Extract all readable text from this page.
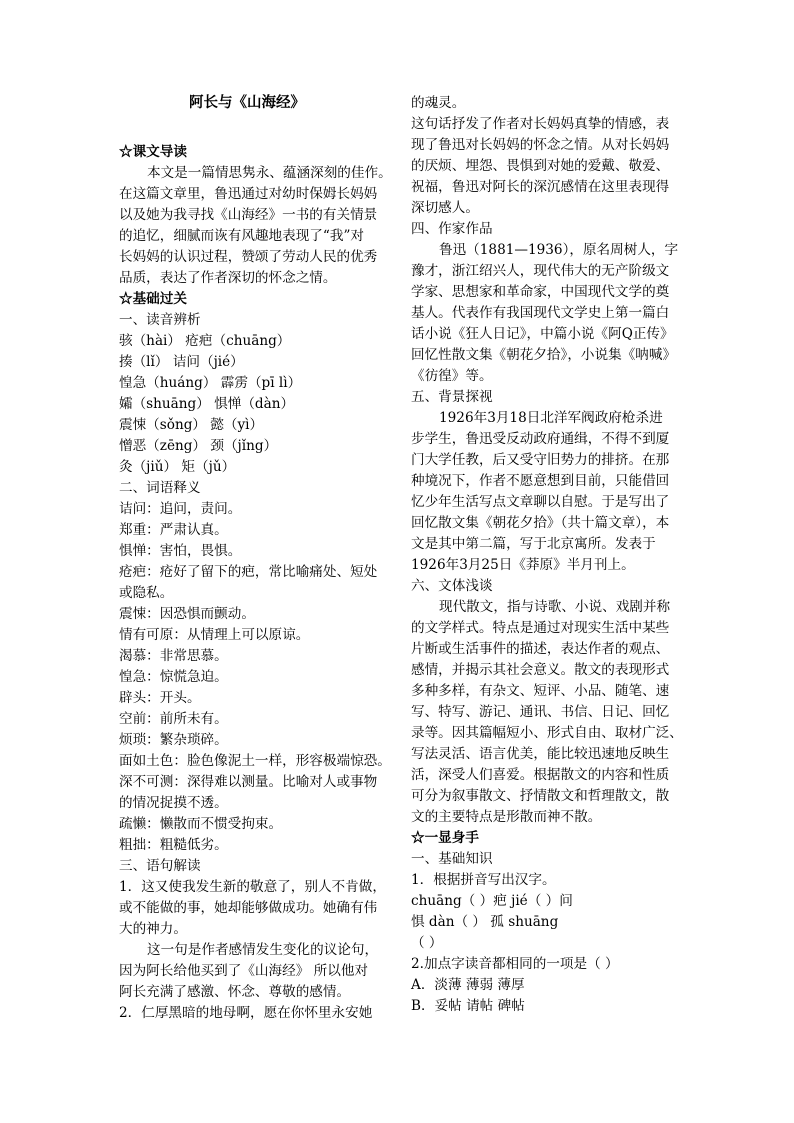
阿长与《山海经》
☆课文导读
本文是一篇情思隽永、蕴涵深刻的佳作。
在这篇文章里，鲁迅通过对幼时保姆长妈妈
以及她为我寻找《山海经》一书的有关情景
的追忆，细腻而诙有风趣地表现了“我”对
长妈妈的认识过程，赞颂了劳动人民的优秀
品质，表达了作者深切的怀念之情。
☆基础过关
一、读音辨析
骇（hài） 疮疤（chuāng）
揍（lǐ） 诘问（jié）
惶急（huáng） 霹雳（pī lì）
孀（shuāng） 惧惮（dàn）
震悚（sǒng） 懿（yì）
憎恶（zēng） 颈（jǐng）
灸（jiǔ） 矩（jǔ）
二、词语释义
诘问：追问，责问。
郑重：严肃认真。
惧惮：害怕，畏惧。
疮疤：疮好了留下的疤，常比喻痛处、短处
或隐私。
震悚：因恐惧而颤动。
情有可原：从情理上可以原谅。
渴慕：非常思慕。
惶急：惊慌急迫。
辟头：开头。
空前：前所未有。
烦琐：繁杂琐碎。
面如土色：脸色像泥土一样，形容极端惊恐。
深不可测：深得难以测量。比喻对人或事物
的情况捉摸不透。
疏懒：懒散而不惯受拘束。
粗拙：粗糙低劣。
三、语句解读
1．这又使我发生新的敬意了，别人不肯做，
或不能做的事，她却能够做成功。她确有伟
大的神力。
这一句是作者感情发生变化的议论句，
因为阿长给他买到了《山海经》 所以他对
阿长充满了感激、怀念、尊敬的感情。
2．仁厚黑暗的地母啊，愿在你怀里永安她
的魂灵。
这句话抒发了作者对长妈妈真挚的情感，表
现了鲁迅对长妈妈的怀念之情。从对长妈妈
的厌烦、埋怨、畏惧到对她的爱戴、敬爱、
祝福，鲁迅对阿长的深沉感情在这里表现得
深切感人。
四、作家作品
鲁迅（1881—1936），原名周树人，字
豫才，浙江绍兴人，现代伟大的无产阶级文
学家、思想家和革命家，中国现代文学的奠
基人。代表作有我国现代文学史上第一篇白
话小说《狂人日记》，中篇小说《阿Q正传》
回忆性散文集《朝花夕拾》，小说集《呐喊》
《彷徨》等。
五、背景探视
1926年3月18日北洋军阀政府枪杀进
步学生，鲁迅受反动政府通缉，不得不到厦
门大学任教，后又受守旧势力的排挤。在那
种境况下，作者不愿意想到目前，只能借回
忆少年生活写点文章聊以自慰。于是写出了
回忆散文集《朝花夕拾》（共十篇文章），本
文是其中第二篇，写于北京寓所。发表于
1926年3月25日《莽原》半月刊上。
六、文体浅谈
现代散文，指与诗歌、小说、戏剧并称
的文学样式。特点是通过对现实生活中某些
片断或生活事件的描述，表达作者的观点、
感情，并揭示其社会意义。散文的表现形式
多种多样，有杂文、短评、小品、随笔、速
写、特写、游记、通讯、书信、日记、回忆
录等。因其篇幅短小、形式自由、取材广泛、
写法灵活、语言优美，能比较迅速地反映生
活，深受人们喜爱。根据散文的内容和性质
可分为叙事散文、抒情散文和哲理散文，散
文的主要特点是形散而神不散。
☆一显身手
一、基础知识
1．根据拼音写出汉字。
chuāng（ ）疤 jié（ ）问
惧 dàn（ ） 孤 shuāng
（ ）
2.加点字读音都相同的一项是（ ）
A．淡薄 薄弱 薄厚
B．妥帖 请帖 碑帖
